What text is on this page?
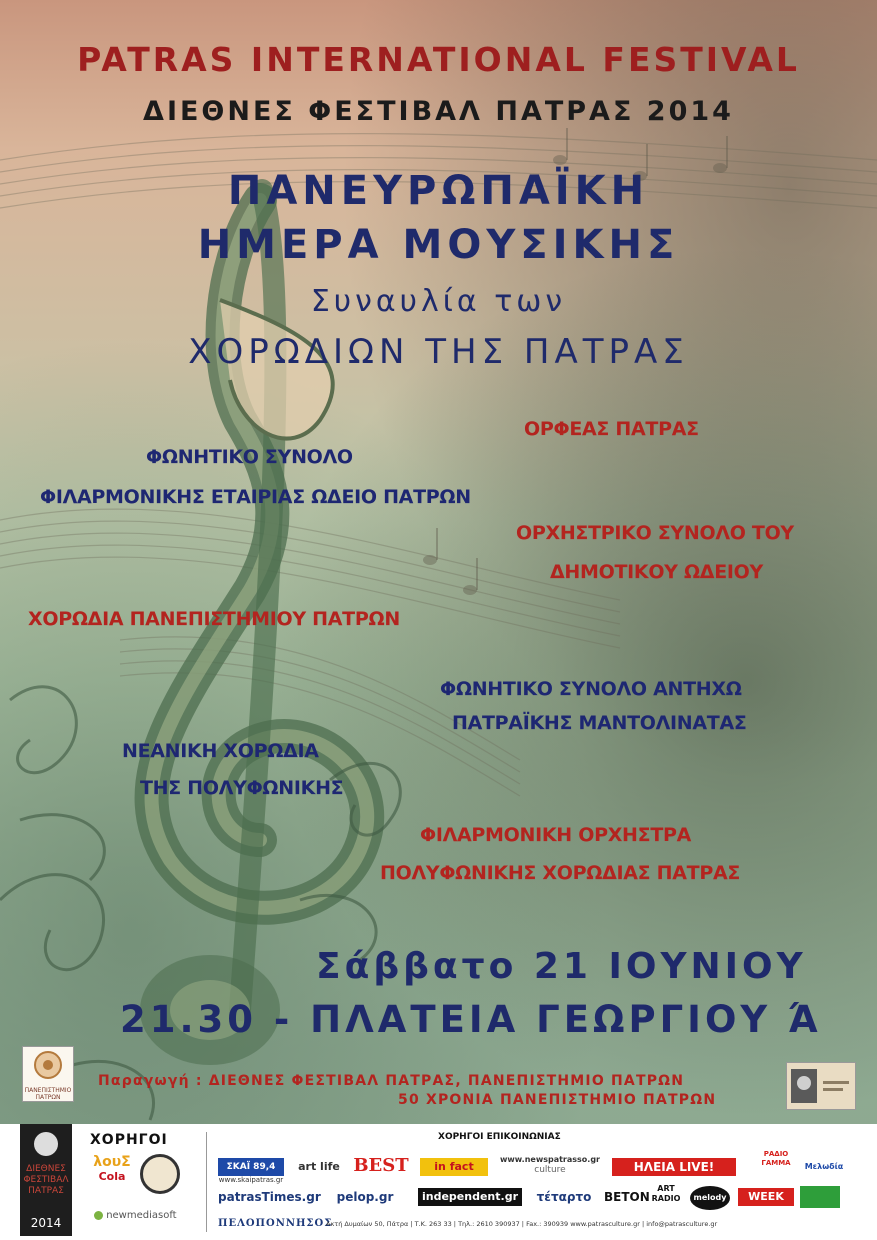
PATRAS INTERNATIONAL FESTIVAL
ΔΙΕΘΝΕΣ ΦΕΣΤΙΒΑΛ ΠΑΤΡΑΣ 2014
ΠΑΝΕΥΡΩΠΑΪΚΗ
ΗΜΕΡΑ ΜΟΥΣΙΚΗΣ
Συναυλία των
ΧΟΡΩΔΙΩΝ ΤΗΣ ΠΑΤΡΑΣ
ΟΡΦΕΑΣ ΠΑΤΡΑΣ
ΦΩΝΗΤΙΚΟ ΣΥΝΟΛΟ
ΦΙΛΑΡΜΟΝΙΚΗΣ ΕΤΑΙΡΙΑΣ ΩΔΕΙΟ ΠΑΤΡΩΝ
ΟΡΧΗΣΤΡΙΚΟ ΣΥΝΟΛΟ ΤΟΥ
ΔΗΜΟΤΙΚΟΥ ΩΔΕΙΟΥ
ΧΟΡΩΔΙΑ ΠΑΝΕΠΙΣΤΗΜΙΟΥ ΠΑΤΡΩΝ
ΦΩΝΗΤΙΚΟ ΣΥΝΟΛΟ ΑΝΤΗΧΩ
ΠΑΤΡΑΪΚΗΣ ΜΑΝΤΟΛΙΝΑΤΑΣ
ΝΕΑΝΙΚΗ ΧΟΡΩΔΙΑ
ΤΗΣ ΠΟΛΥΦΩΝΙΚΗΣ
ΦΙΛΑΡΜΟΝΙΚΗ ΟΡΧΗΣΤΡΑ
ΠΟΛΥΦΩΝΙΚΗΣ ΧΟΡΩΔΙΑΣ ΠΑΤΡΑΣ
Σάββατο 21 ΙΟΥΝΙΟΥ
21.30 - ΠΛΑΤΕΙΑ ΓΕΩΡΓΙΟΥ Ά
ΠΑΝΕΠΙΣΤΗΜΙΟ ΠΑΤΡΩΝ
Παραγωγή : ΔΙΕΘΝΕΣ ΦΕΣΤΙΒΑΛ ΠΑΤΡΑΣ, ΠΑΝΕΠΙΣΤΗΜΙΟ ΠΑΤΡΩΝ
50 ΧΡΟΝΙΑ ΠΑΝΕΠΙΣΤΗΜΙΟ ΠΑΤΡΩΝ
ΔΙΕΘΝΕΣ ΦΕΣΤΙΒΑΛ ΠΑΤΡΑΣ
2014
ΧΟΡΗΓΟΙ
λουΣ
Cola
newmediasoft
ΧΟΡΗΓΟΙ ΕΠΙΚΟΙΝΩΝΙΑΣ
ΣΚΑΪ 89,4
www.skaipatras.gr
art life BEST	in fact
www.newspatrasso.gr
culture	ΗΛΕΙΑ LIVE!
ΡΑΔΙΟ ΓΑΜΜΑ	Μελωδία
patrasTimes.gr	pelop.gr	independent.gr	τέταρτο	BETON
ART RADIO	melody	WEEK
ΠΕΛΟΠΟΝΝΗΣΟΣ
Ακτή Δυμαίων 50, Πάτρα | Τ.Κ. 263 33 | Τηλ.: 2610 390937 | Fax.: 390939 www.patrasculture.gr | info@patrasculture.gr
